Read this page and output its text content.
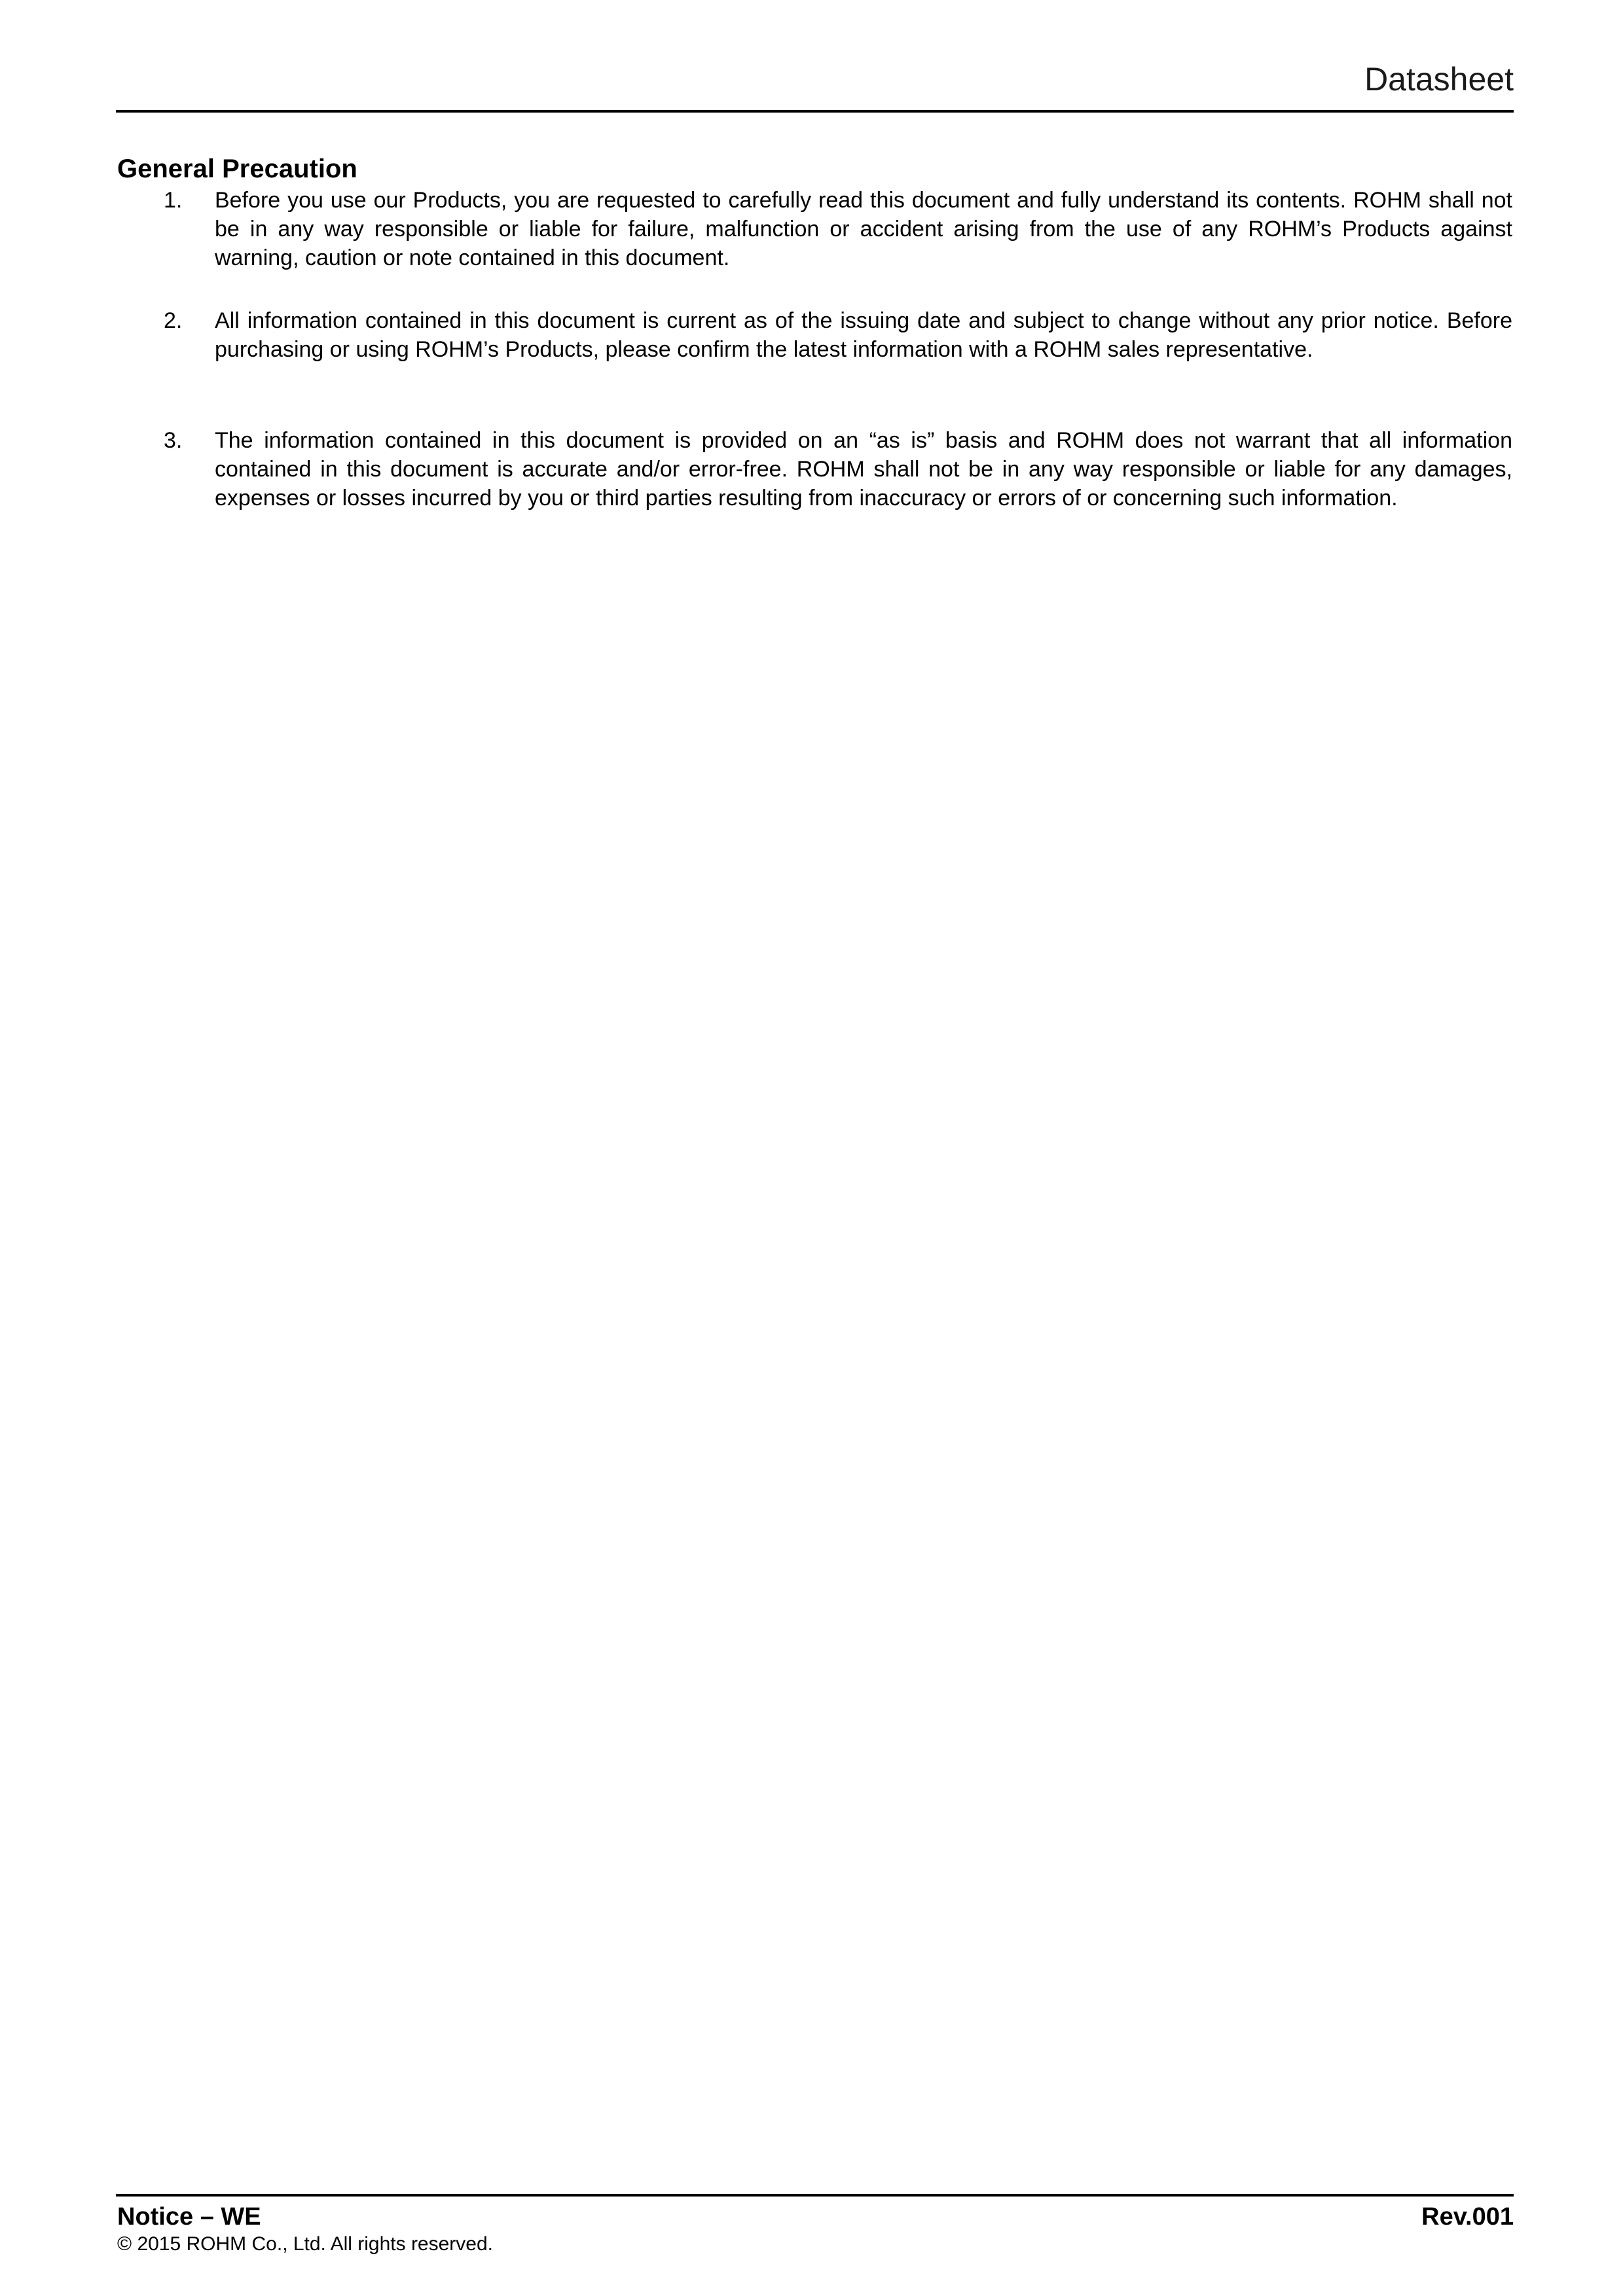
Datasheet
General Precaution
1.	Before you use our Products, you are requested to carefully read this document and fully understand its contents. ROHM shall not be in any way responsible or liable for failure, malfunction or accident arising from the use of any ROHM’s Products against warning, caution or note contained in this document.
2.	All information contained in this document is current as of the issuing date and subject to change without any prior notice. Before purchasing or using ROHM’s Products, please confirm the latest information with a ROHM sales representative.
3.	The information contained in this document is provided on an “as is” basis and ROHM does not warrant that all information contained in this document is accurate and/or error-free. ROHM shall not be in any way responsible or liable for any damages, expenses or losses incurred by you or third parties resulting from inaccuracy or errors of or concerning such information.
Notice – WE	Rev.001
© 2015 ROHM Co., Ltd. All rights reserved.
